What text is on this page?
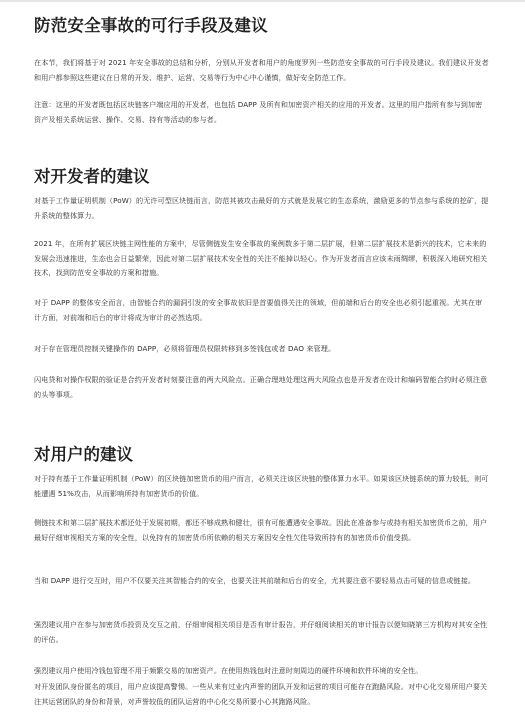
防范安全事故的可行手段及建议

在本节，我们将基于对 2021 年安全事故的总结和分析，分别从开发者和用户的角度罗列一些防范安全事故的可行手段及建议。我们建议开发者和用户都参照这些建议在日常的开发、维护、运营、交易等行为中心中心谨慎，做好安全防范工作。

注意：这里的开发者既包括区块链客户端应用的开发者，也包括 DAPP 及所有和加密资产相关的应用的开发者。这里的用户指所有参与到加密资产及相关系统运营、操作、交易、持有等活动的参与者。

对开发者的建议

对基于工作量证明机制（PoW）的无许可型区块链而言，防范其被攻击最好的方式就是发展它的生态系统，激励更多的节点参与系统的挖矿，提升系统的整体算力。

2021 年，在所有扩展区块链主网性能的方案中，尽管侧链发生安全事故的案例数多于第二层扩展，但第二层扩展技术是新兴的技术，它未来的发展会迅速推进，生态也会日益繁荣，因此对第二层扩展技术安全性的关注不能掉以轻心。作为开发者而言应该未雨绸缪，积极深入地研究相关技术，找到防范安全事故的方案和措施。

对于 DAPP 的整体安全而言，由智能合约的漏洞引发的安全事故依旧是首要值得关注的领域，但前端和后台的安全也必须引起重视。尤其在审计方面，对前端和后台的审计将成为审计的必然选项。

对于存在管理员控制关键操作的 DAPP，必须将管理员权限转移到多签钱包或者 DAO 来管理。

闪电贷和对操作权限的验证是合约开发者时刻要注意的两大风险点。正确合理地处理这两大风险点也是开发者在设计和编码智能合约时必须注意的头等事项。

对用户的建议

对于持有基于工作量证明机制（PoW）的区块链加密货币的用户而言，必须关注该区块链的整体算力水平。如果该区块链系统的算力较低，则可能遭遇 51%攻击，从而影响所持有加密货币的价值。

侧链技术和第二层扩展技术都还处于发展初期，都还不够成熟和健壮，很有可能遭遇安全事故。因此在准备参与或持有相关加密货币之前，用户最好仔细审视相关方案的安全性，以免持有的加密货币所依赖的相关方案因安全性欠佳导致所持有的加密货币价值受损。

当和 DAPP 进行交互时，用户不仅要关注其智能合约的安全，也要关注其前端和后台的安全，尤其要注意不要轻易点击可疑的信息或链接。

强烈建议用户在参与加密货币投资及交互之前，仔细审阅相关项目是否有审计报告，并仔细阅读相关的审计报告以便知晓第三方机构对其安全性的评估。

强烈建议用户使用冷钱包管理不用于频繁交易的加密资产。在使用热钱包时注意时刻周边的硬件环境和软件环境的安全性。

对开发团队身份匿名的项目，用户应该提高警惕。一些从来有过业内声誉的团队开发和运营的项目可能存在跑路风险。对中心化交易所用户要关注其运营团队的身份和背景，对声誉较低的团队运营的中心化交易所要小心其跑路风险。
